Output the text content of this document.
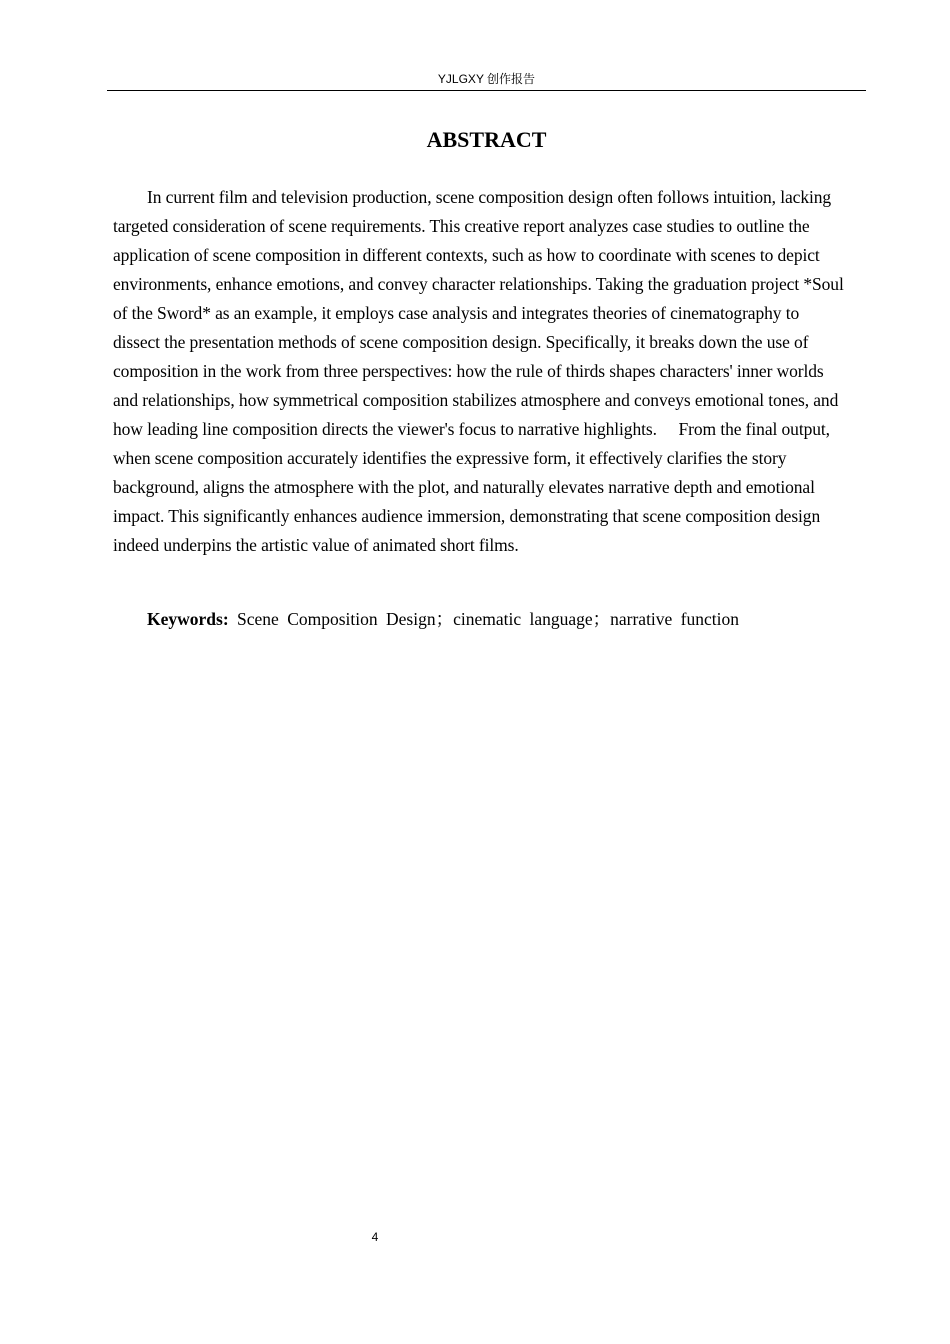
YJLGXY 创作报告
ABSTRACT

In current film and television production, scene composition design often follows intuition, lacking targeted consideration of scene requirements. This creative report analyzes case studies to outline the application of scene composition in different contexts, such as how to coordinate with scenes to depict environments, enhance emotions, and convey character relationships. Taking the graduation project *Soul of the Sword* as an example, it employs case analysis and integrates theories of cinematography to dissect the presentation methods of scene composition design. Specifically, it breaks down the use of composition in the work from three perspectives: how the rule of thirds shapes characters' inner worlds and relationships, how symmetrical composition stabilizes atmosphere and conveys emotional tones, and how leading line composition directs the viewer's focus to narrative highlights.　 From the final output, when scene composition accurately identifies the expressive form, it effectively clarifies the story background, aligns the atmosphere with the plot, and naturally elevates narrative depth and emotional impact. This significantly enhances audience immersion, demonstrating that scene composition design indeed underpins the artistic value of animated short films.

Keywords: Scene Composition Design；cinematic language；narrative function

4
